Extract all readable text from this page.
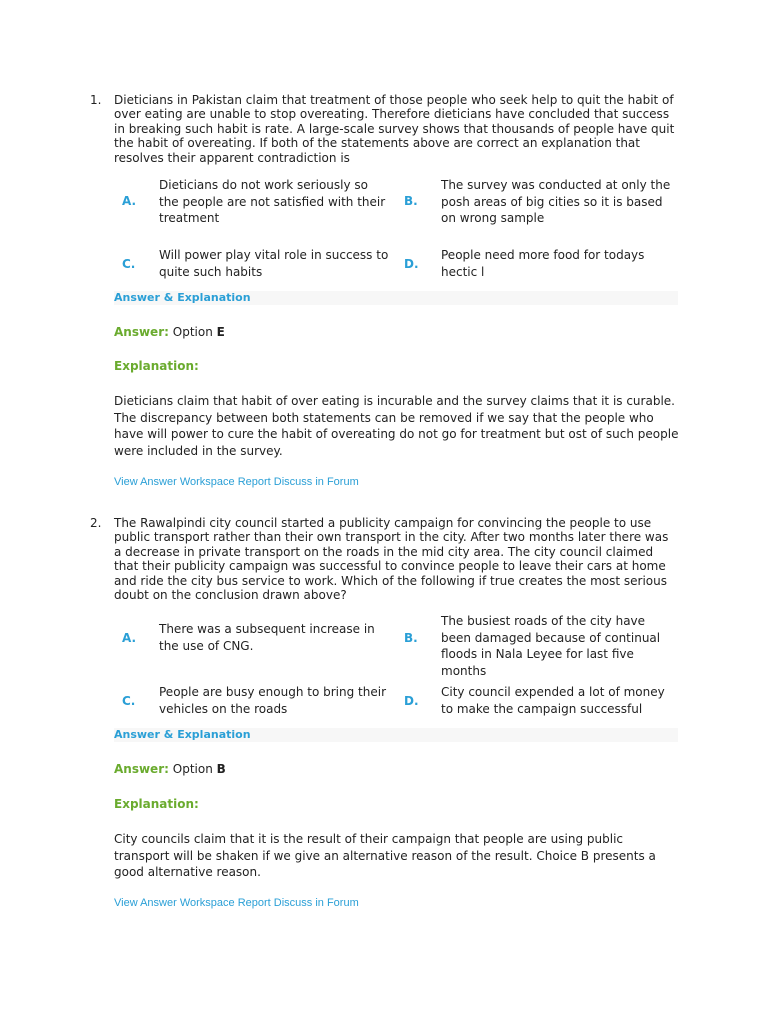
1. Dieticians in Pakistan claim that treatment of those people who seek help to quit the habit of over eating are unable to stop overeating. Therefore dieticians have concluded that success in breaking such habit is rate. A large-scale survey shows that thousands of people have quit the habit of overeating. If both of the statements above are correct an explanation that resolves their apparent contradiction is
A.
Dieticians do not work seriously so the people are not satisfied with their treatment
B.
The survey was conducted at only the posh areas of big cities so it is based on wrong sample
C.
Will power play vital role in success to quite such habits
D.
People need more food for todays hectic l
Answer & Explanation
Answer: Option E
Explanation:
Dieticians claim that habit of over eating is incurable and the survey claims that it is curable. The discrepancy between both statements can be removed if we say that the people who have will power to cure the habit of overeating do not go for treatment but ost of such people were included in the survey.
View Answer Workspace Report Discuss in Forum
2. The Rawalpindi city council started a publicity campaign for convincing the people to use public transport rather than their own transport in the city. After two months later there was a decrease in private transport on the roads in the mid city area. The city council claimed that their publicity campaign was successful to convince people to leave their cars at home and ride the city bus service to work. Which of the following if true creates the most serious doubt on the conclusion drawn above?
A.
There was a subsequent increase in the use of CNG.
B.
The busiest roads of the city have been damaged because of continual floods in Nala Leyee for last five months
C.
People are busy enough to bring their vehicles on the roads
D.
City council expended a lot of money to make the campaign successful
Answer & Explanation
Answer: Option B
Explanation:
City councils claim that it is the result of their campaign that people are using public transport will be shaken if we give an alternative reason of the result. Choice B presents a good alternative reason.
View Answer Workspace Report Discuss in Forum
